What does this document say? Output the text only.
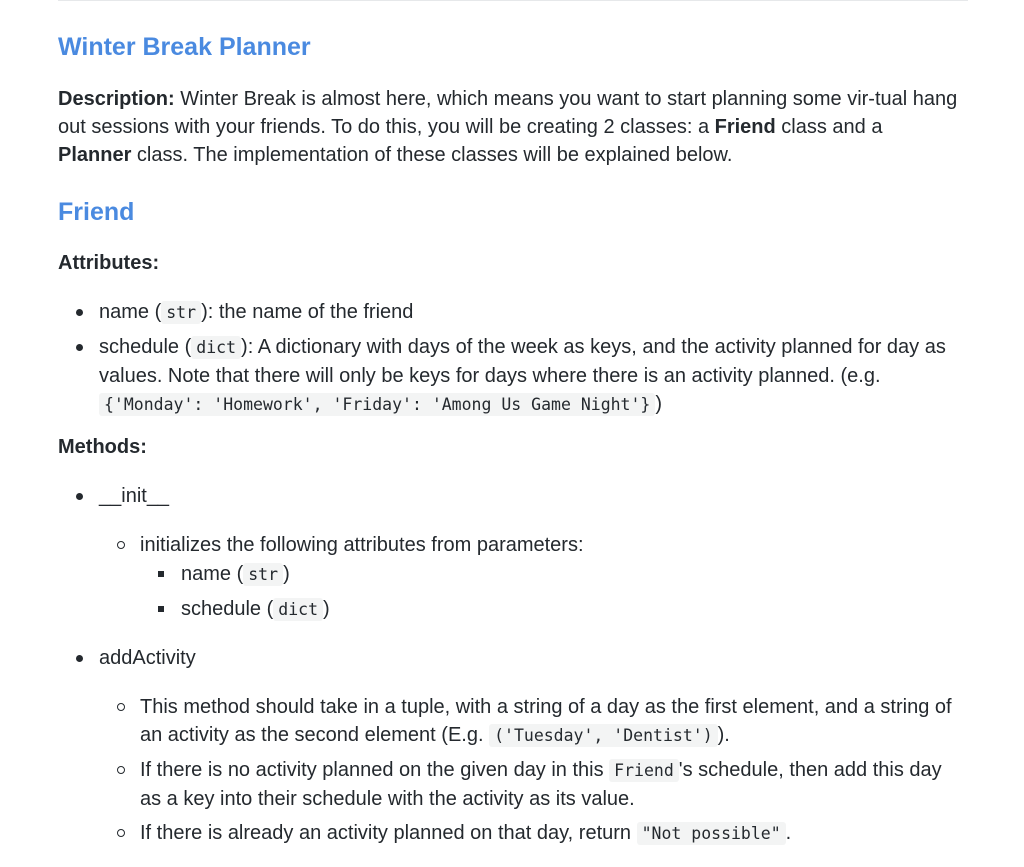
Winter Break Planner

Description: Winter Break is almost here, which means you want to start planning some vir-tual hang out sessions with your friends. To do this, you will be creating 2 classes: a Friend class and a Planner class. The implementation of these classes will be explained below.

Friend
Attributes:
name ( str ): the name of the friend
schedule ( dict ): A dictionary with days of the week as keys, and the activity planned for day as values. Note that there will only be keys for days where there is an activity planned. (e.g. {'Monday': 'Homework', 'Friday': 'Among Us Game Night'} )
Methods:
__init__
initializes the following attributes from parameters:
name ( str )
schedule ( dict )
addActivity
This method should take in a tuple, with a string of a day as the first element, and a string of an activity as the second element (E.g. ('Tuesday', 'Dentist') ).
If there is no activity planned on the given day in this Friend 's schedule, then add this day as a key into their schedule with the activity as its value.
If there is already an activity planned on that day, return "Not possible" .
